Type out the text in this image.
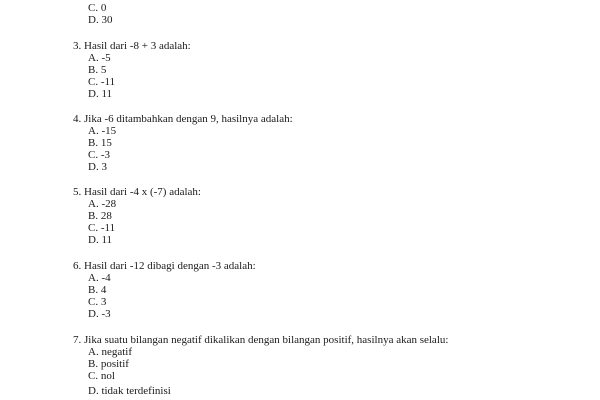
C. 0
D. 30
3. Hasil dari -8 + 3 adalah:
A. -5
B. 5
C. -11
D. 11
4. Jika -6 ditambahkan dengan 9, hasilnya adalah:
A. -15
B. 15
C. -3
D. 3
5. Hasil dari -4 x (-7) adalah:
A. -28
B. 28
C. -11
D. 11
6. Hasil dari -12 dibagi dengan -3 adalah:
A. -4
B. 4
C. 3
D. -3
7. Jika suatu bilangan negatif dikalikan dengan bilangan positif, hasilnya akan selalu:
A. negatif
B. positif
C. nol
D. tidak terdefinisi
